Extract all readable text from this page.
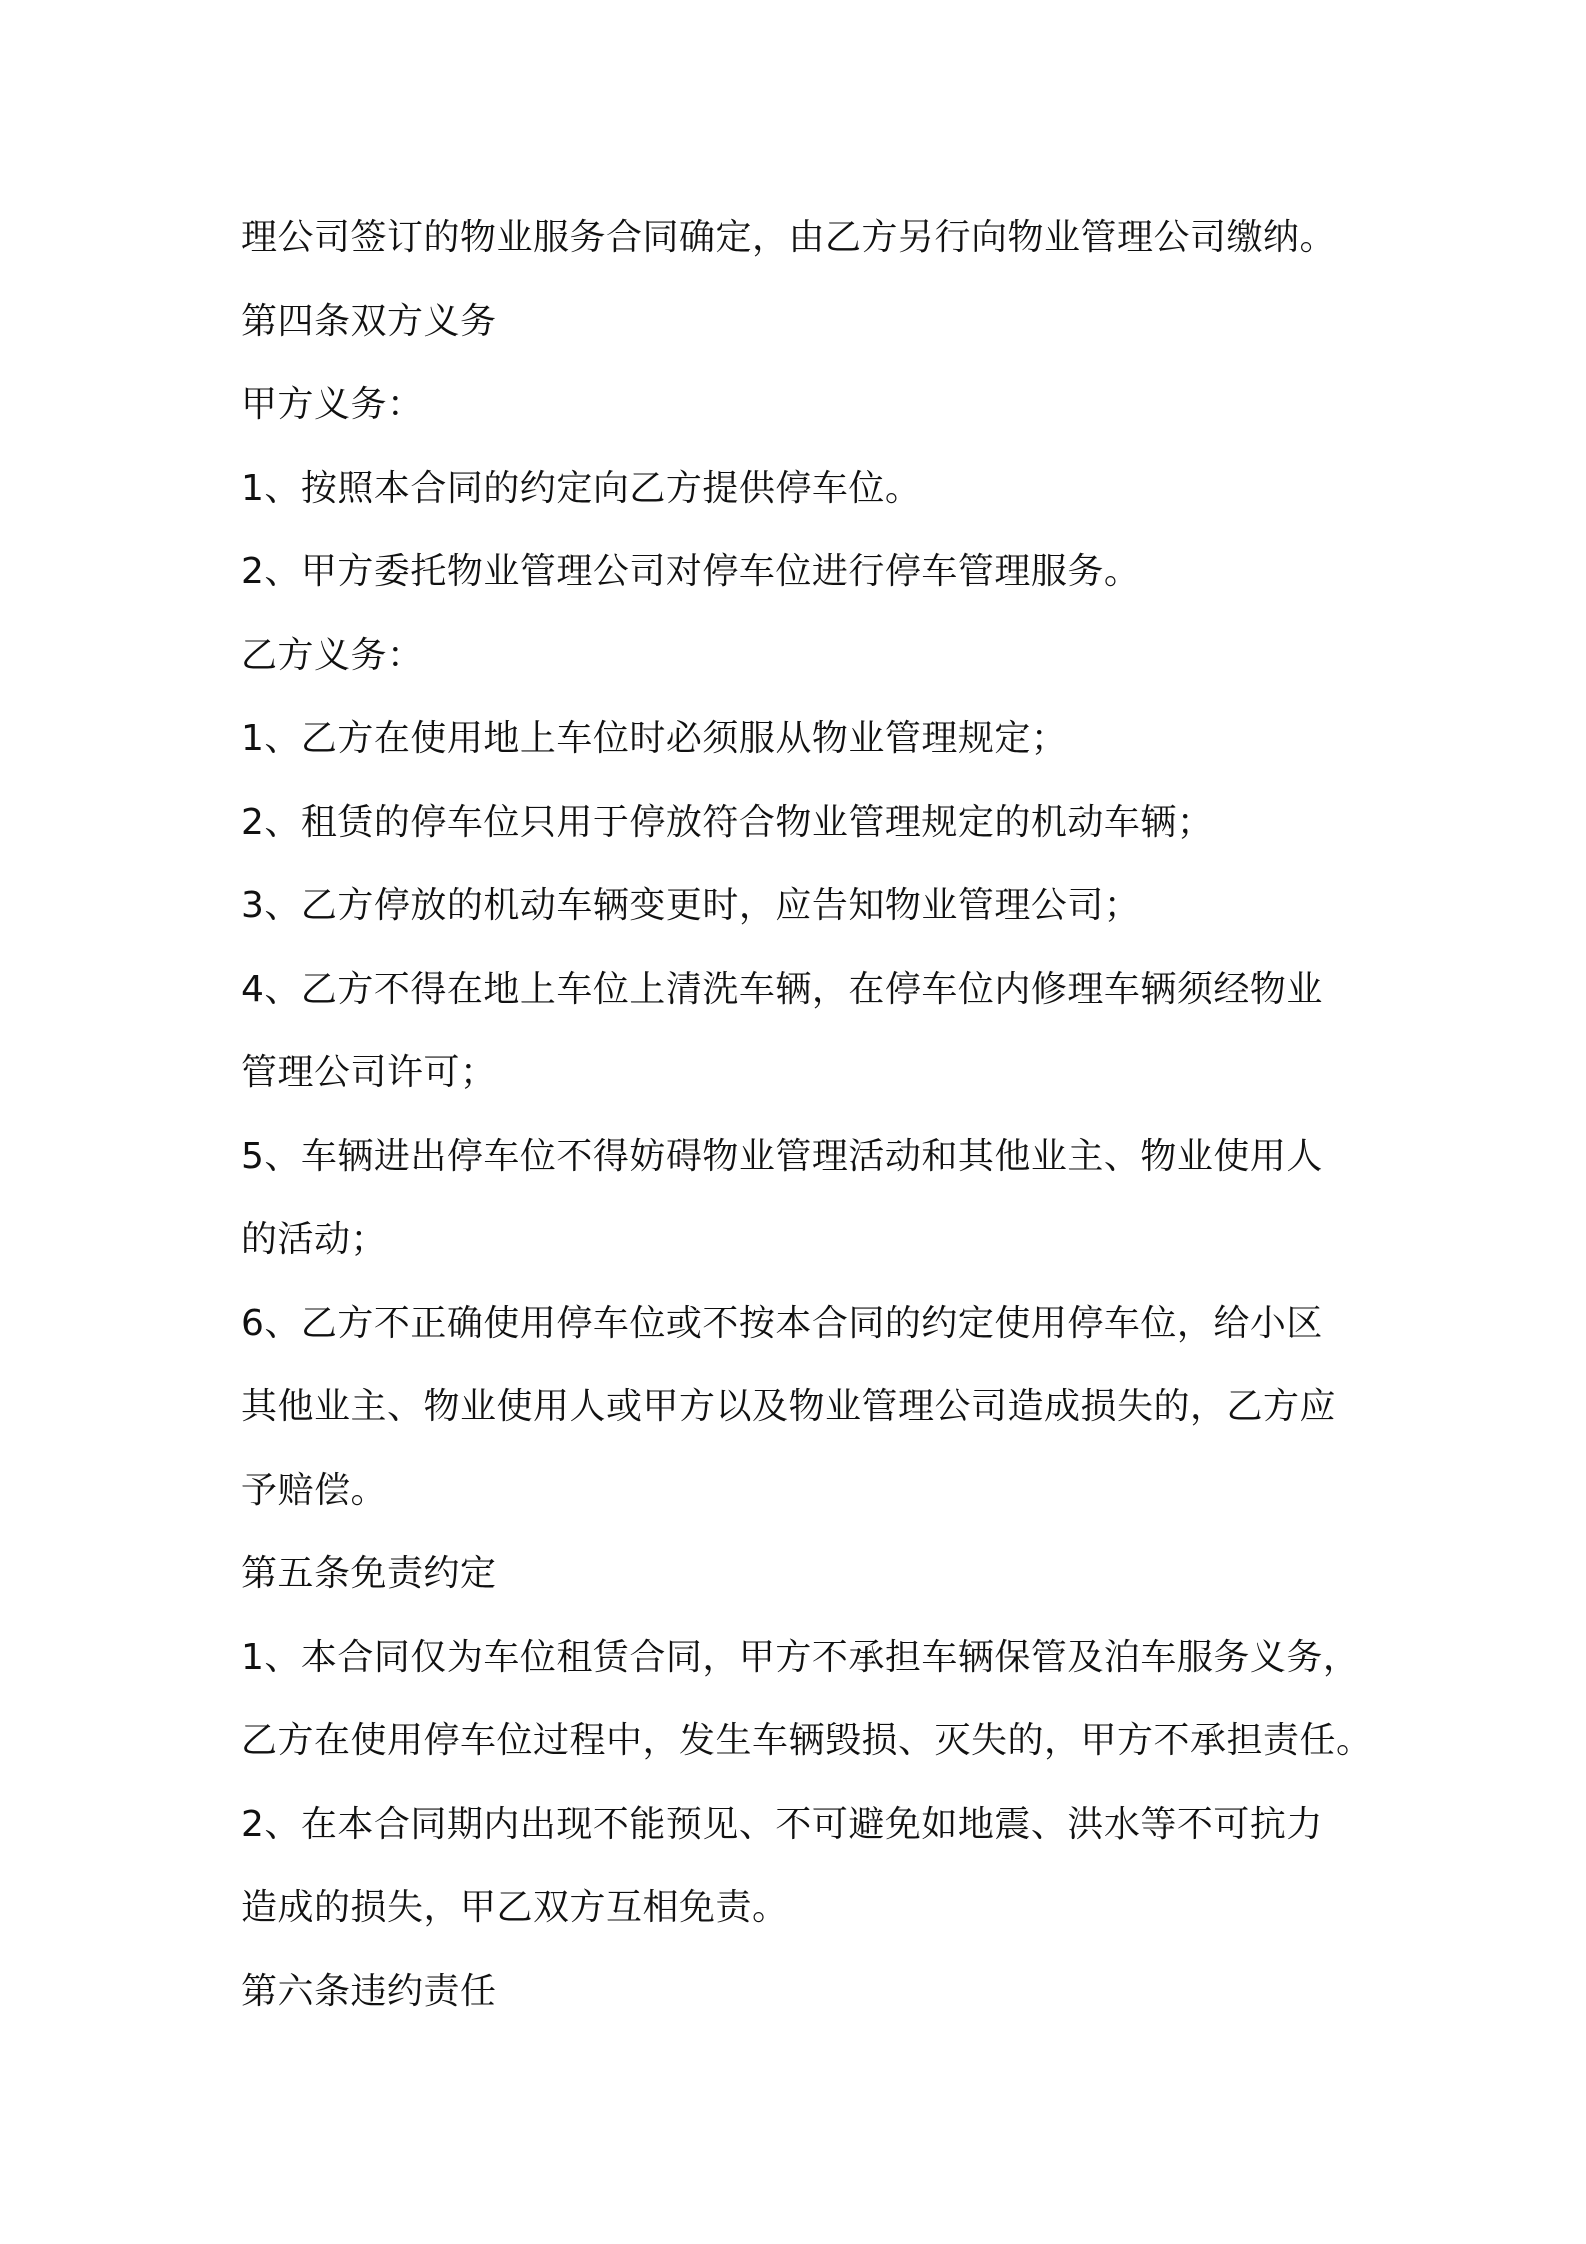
理公司签订的物业服务合同确定，由乙方另行向物业管理公司缴纳。
第四条双方义务
甲方义务：
1、按照本合同的约定向乙方提供停车位。
2、甲方委托物业管理公司对停车位进行停车管理服务。
乙方义务：
1、乙方在使用地上车位时必须服从物业管理规定；
2、租赁的停车位只用于停放符合物业管理规定的机动车辆；
3、乙方停放的机动车辆变更时，应告知物业管理公司；
4、乙方不得在地上车位上清洗车辆，在停车位内修理车辆须经物业
管理公司许可；
5、车辆进出停车位不得妨碍物业管理活动和其他业主、物业使用人
的活动；
6、乙方不正确使用停车位或不按本合同的约定使用停车位，给小区
其他业主、物业使用人或甲方以及物业管理公司造成损失的，乙方应
予赔偿。
第五条免责约定
1、本合同仅为车位租赁合同，甲方不承担车辆保管及泊车服务义务，
乙方在使用停车位过程中，发生车辆毁损、灭失的，甲方不承担责任。
2、在本合同期内出现不能预见、不可避免如地震、洪水等不可抗力
造成的损失，甲乙双方互相免责。
第六条违约责任
